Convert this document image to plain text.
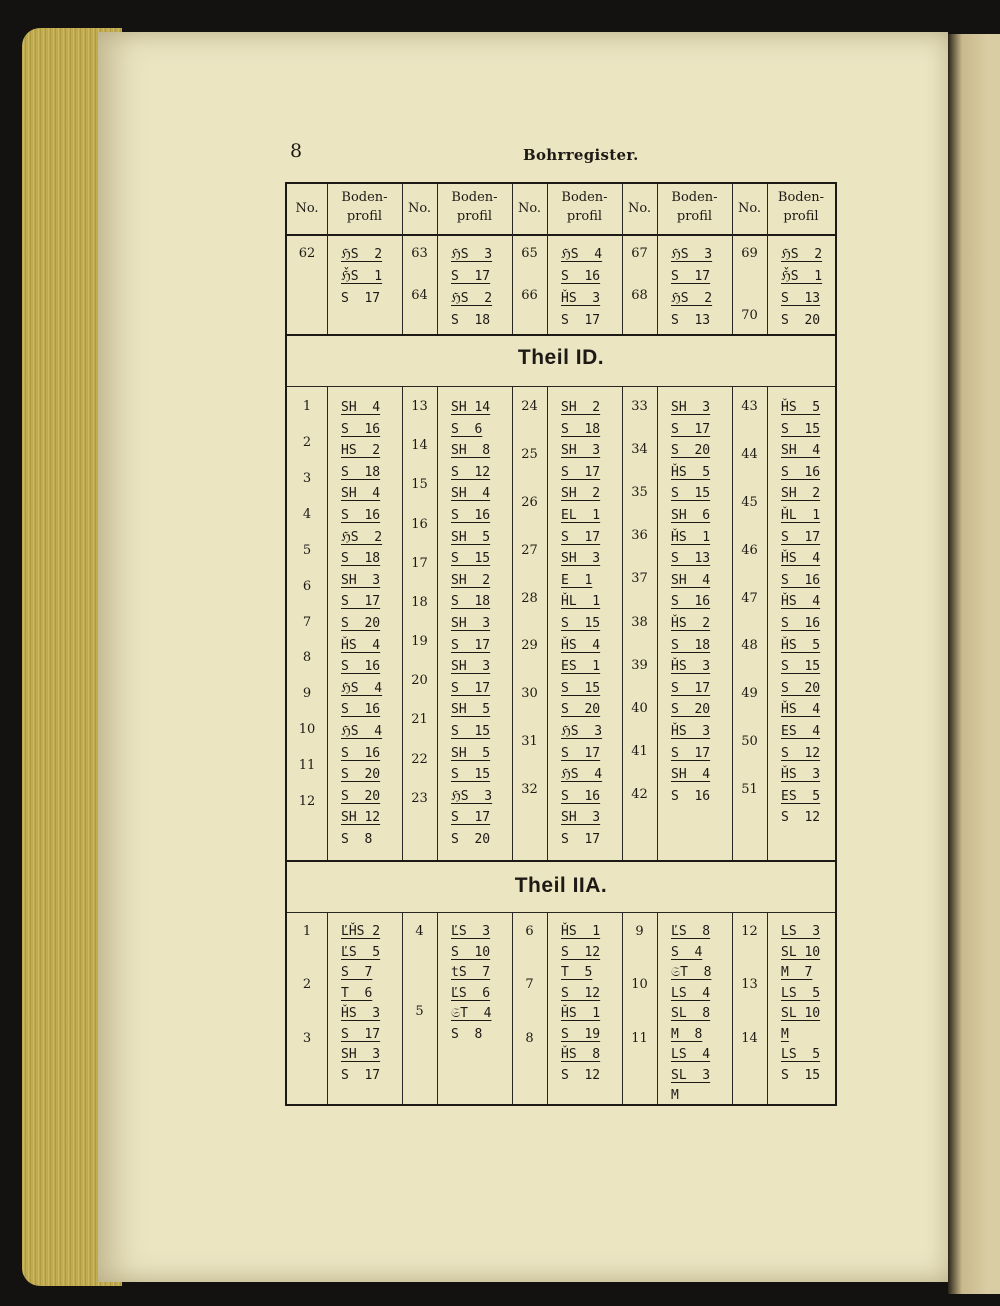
8	Bohrregister.
No.
Boden-
profil
No.
Boden-
profil
No.
Boden-
profil
No.
Boden-
profil
No.
Boden-
profil
Theil ID.
Theil IIA.
ℌS  2
ℌ̌S  1
S  17
62	ℌS  3
S  17
ℌS  2
S  18
63
64
ℌS  4
S  16
ȞS  3
S  17
65
66
ℌS  3
S  17
ℌS  2
S  13
67
68
ℌS  2
ℌ̌S  1
S  13
S  20
69
70
SH  4
S  16
HS  2
S  18
SH  4
S  16
ℌS  2
S  18
SH  3
S  17
S  20
ȞS  4
S  16
ℌS  4
S  16
ℌS  4
S  16
S  20
S  20
SH 12
S  8
1
2
3
4
5
6
7
8
9
10
11
12
SH 14
S  6
SH  8
S  12
SH  4
S  16
SH  5
S  15
SH  2
S  18
SH  3
S  17
SH  3
S  17
SH  5
S  15
SH  5
S  15
ℌS  3
S  17
S  20
13
14
15
16
17
18
19
20
21
22
23
SH  2
S  18
SH  3
S  17
SH  2
EL  1
S  17
SH  3
E  1
ȞL  1
S  15
ȞS  4
ES  1
S  15
S  20
ℌS  3
S  17
ℌS  4
S  16
SH  3
S  17
24
25
26
27
28
29
30
31
32
SH  3
S  17
S  20
ȞS  5
S  15
SH  6
ȞS  1
S  13
SH  4
S  16
ȞS  2
S  18
ȞS  3
S  17
S  20
ȞS  3
S  17
SH  4
S  16
33
34
35
36
37
38
39
40
41
42
ȞS  5
S  15
SH  4
S  16
SH  2
ȞL  1
S  17
ȞS  4
S  16
ȞS  4
S  16
ȞS  5
S  15
S  20
ȞS  4
ES  4
S  12
ȞS  3
ES  5
S  12
43
44
45
46
47
48
49
50
51
ĽȞS 2
ĽS  5
S  7
T  6
ȞS  3
S  17
SH  3
S  17
1
2
3
ĽS  3
S  10
tS  7
ĽS  6
𝔖T  4
S  8
4
5
ȞS  1
S  12
T  5
S  12
ȞS  1
S  19
ȞS  8
S  12
6
7
8
ĽS  8
S  4
𝔖T  8
LS  4
SL  8
M  8
LS  4
SL  3
M
9
10
11
LS  3
SL 10
M  7
LS  5
SL 10
M
LS  5
S  15
12
13
14
